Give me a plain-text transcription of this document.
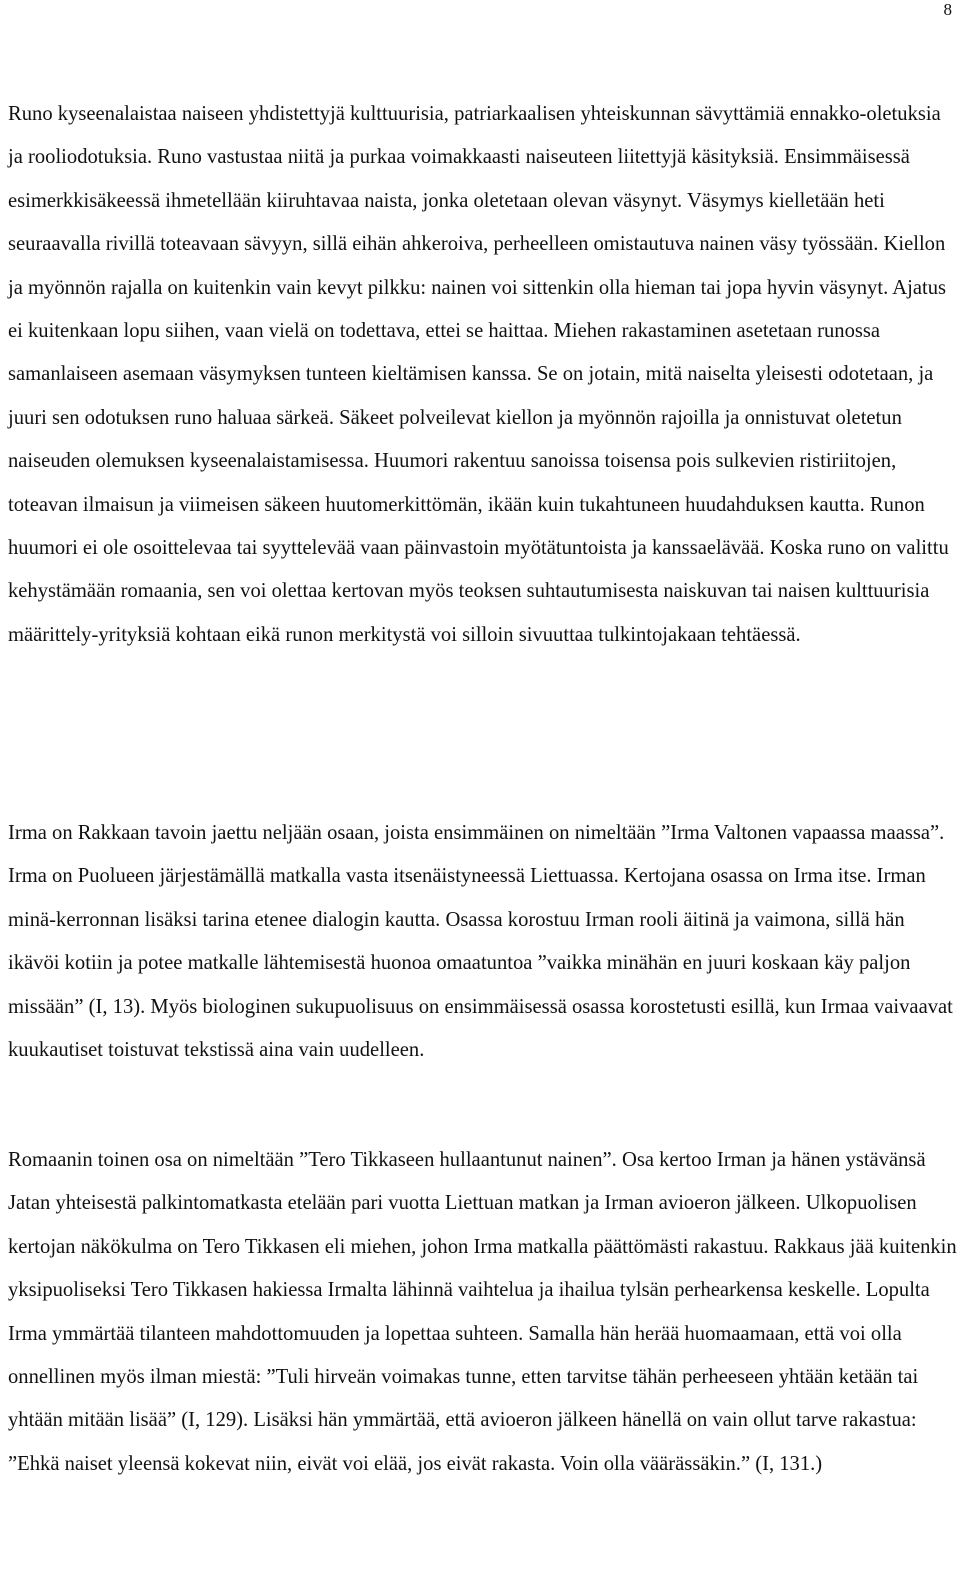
8

Runo kyseenalaistaa naiseen yhdistettyjä kulttuurisia, patriarkaalisen yhteiskunnan sävyttämiä ennakko-oletuksia ja rooliodotuksia. Runo vastustaa niitä ja purkaa voimakkaasti naiseuteen liitettyjä käsityksiä. Ensimmäisessä esimerkkisäkeessä ihmetellään kiiruhtavaa naista, jonka oletetaan olevan väsynyt. Väsymys kielletään heti seuraavalla rivillä toteavaan sävyyn, sillä eihän ahkeroiva, perheelleen omistautuva nainen väsy työssään. Kiellon ja myönnön rajalla on kuitenkin vain kevyt pilkku: nainen voi sittenkin olla hieman tai jopa hyvin väsynyt. Ajatus ei kuitenkaan lopu siihen, vaan vielä on todettava, ettei se haittaa. Miehen rakastaminen asetetaan runossa samanlaiseen asemaan väsymyksen tunteen kieltämisen kanssa. Se on jotain, mitä naiselta yleisesti odotetaan, ja juuri sen odotuksen runo haluaa särkeä. Säkeet polveilevat kiellon ja myönnön rajoilla ja onnistuvat oletetun naiseuden olemuksen kyseenalaistamisessa. Huumori rakentuu sanoissa toisensa pois sulkevien ristiriitojen, toteavan ilmaisun ja viimeisen säkeen huutomerkittömän, ikään kuin tukahtuneen huudahduksen kautta. Runon huumori ei ole osoittelevaa tai syyttelevää vaan päinvastoin myötätuntoista ja kanssaelävää. Koska runo on valittu kehystämään romaania, sen voi olettaa kertovan myös teoksen suhtautumisesta naiskuvan tai naisen kulttuurisia määrittely-yrityksiä kohtaan eikä runon merkitystä voi silloin sivuuttaa tulkintojakaan tehtäessä.

Irma on Rakkaan tavoin jaettu neljään osaan, joista ensimmäinen on nimeltään ”Irma Valtonen vapaassa maassa”. Irma on Puolueen järjestämällä matkalla vasta itsenäistyneessä Liettuassa. Kertojana osassa on Irma itse. Irman minä-kerronnan lisäksi tarina etenee dialogin kautta. Osassa korostuu Irman rooli äitinä ja vaimona, sillä hän ikävöi kotiin ja potee matkalle lähtemisestä huonoa omaatuntoa ”vaikka minähän en juuri koskaan käy paljon missään” (I, 13). Myös biologinen sukupuolisuus on ensimmäisessä osassa korostetusti esillä, kun Irmaa vaivaavat kuukautiset toistuvat tekstissä aina vain uudelleen.

Romaanin toinen osa on nimeltään ”Tero Tikkaseen hullaantunut nainen”. Osa kertoo Irman ja hänen ystävänsä Jatan yhteisestä palkintomatkasta etelään pari vuotta Liettuan matkan ja Irman avioeron jälkeen. Ulkopuolisen kertojan näkökulma on Tero Tikkasen eli miehen, johon Irma matkalla päättömästi rakastuu. Rakkaus jää kuitenkin yksipuoliseksi Tero Tikkasen hakiessa Irmalta lähinnä vaihtelua ja ihailua tylsän perhearkensa keskelle. Lopulta Irma ymmärtää tilanteen mahdottomuuden ja lopettaa suhteen. Samalla hän herää huomaamaan, että voi olla onnellinen myös ilman miestä: ”Tuli hirveän voimakas tunne, etten tarvitse tähän perheeseen yhtään ketään tai yhtään mitään lisää” (I, 129). Lisäksi hän ymmärtää, että avioeron jälkeen hänellä on vain ollut tarve rakastua: ”Ehkä naiset yleensä kokevat niin, eivät voi elää, jos eivät rakasta. Voin olla väärässäkin.” (I, 131.)
